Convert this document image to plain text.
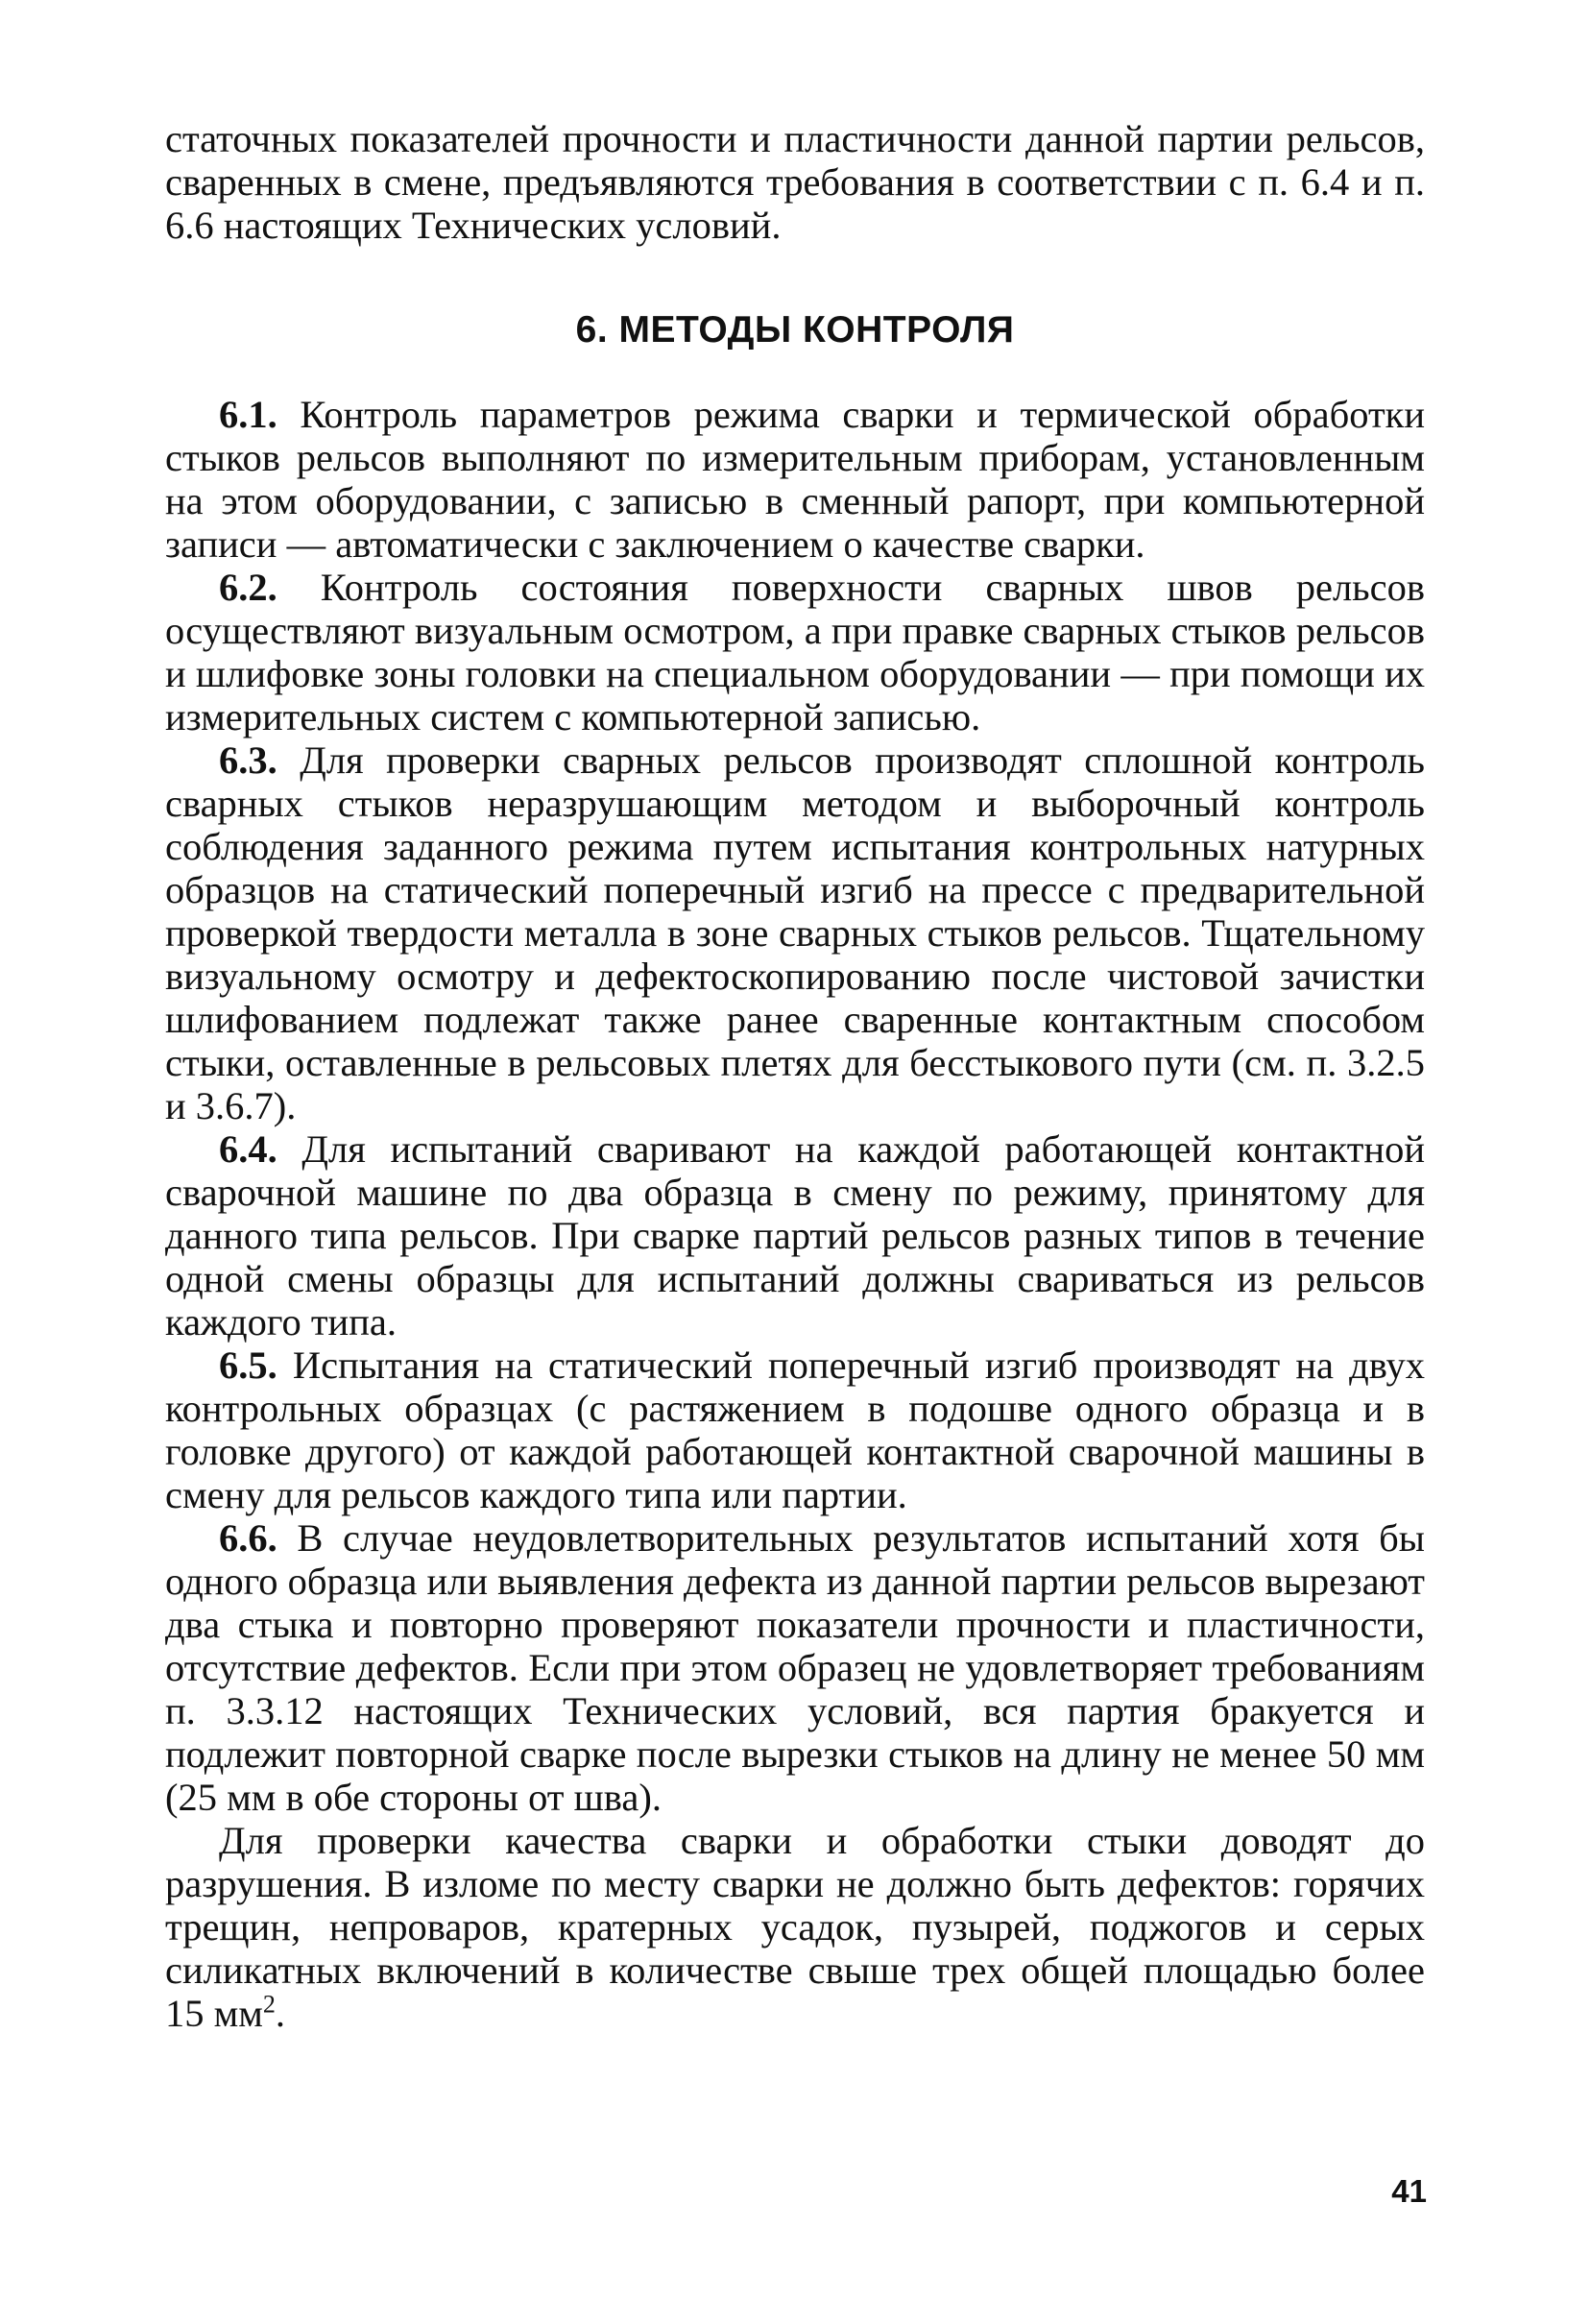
статочных показателей прочности и пластичности данной партии рельсов, сваренных в смене, предъявляются требования в соответствии с п. 6.4 и п. 6.6 настоящих Технических условий.

6. МЕТОДЫ КОНТРОЛЯ

6.1. Контроль параметров режима сварки и термической обработки стыков рельсов выполняют по измерительным приборам, установленным на этом оборудовании, с записью в сменный рапорт, при компьютерной записи — автоматически с заключением о качестве сварки.

6.2. Контроль состояния поверхности сварных швов рельсов осуществляют визуальным осмотром, а при правке сварных стыков рельсов и шлифовке зоны головки на специальном оборудовании — при помощи их измерительных систем с компьютерной записью.

6.3. Для проверки сварных рельсов производят сплошной контроль сварных стыков неразрушающим методом и выборочный контроль соблюдения заданного режима путем испытания контрольных натурных образцов на статический поперечный изгиб на прессе с предварительной проверкой твердости металла в зоне сварных стыков рельсов. Тщательному визуальному осмотру и дефектоскопированию после чистовой зачистки шлифованием подлежат также ранее сваренные контактным способом стыки, оставленные в рельсовых плетях для бесстыкового пути (см. п. 3.2.5 и 3.6.7).

6.4. Для испытаний сваривают на каждой работающей контактной сварочной машине по два образца в смену по режиму, принятому для данного типа рельсов. При сварке партий рельсов разных типов в течение одной смены образцы для испытаний должны свариваться из рельсов каждого типа.

6.5. Испытания на статический поперечный изгиб производят на двух контрольных образцах (с растяжением в подошве одного образца и в головке другого) от каждой работающей контактной сварочной машины в смену для рельсов каждого типа или партии.

6.6. В случае неудовлетворительных результатов испытаний хотя бы одного образца или выявления дефекта из данной партии рельсов вырезают два стыка и повторно проверяют показатели прочности и пластичности, отсутствие дефектов. Если при этом образец не удовлетворяет требованиям п. 3.3.12 настоящих Технических условий, вся партия бракуется и подлежит повторной сварке после вырезки стыков на длину не менее 50 мм (25 мм в обе стороны от шва).

Для проверки качества сварки и обработки стыки доводят до разрушения. В изломе по месту сварки не должно быть дефектов: горячих трещин, непроваров, кратерных усадок, пузырей, поджогов и серых силикатных включений в количестве свыше трех общей площадью более 15 $мм^2$.

41
